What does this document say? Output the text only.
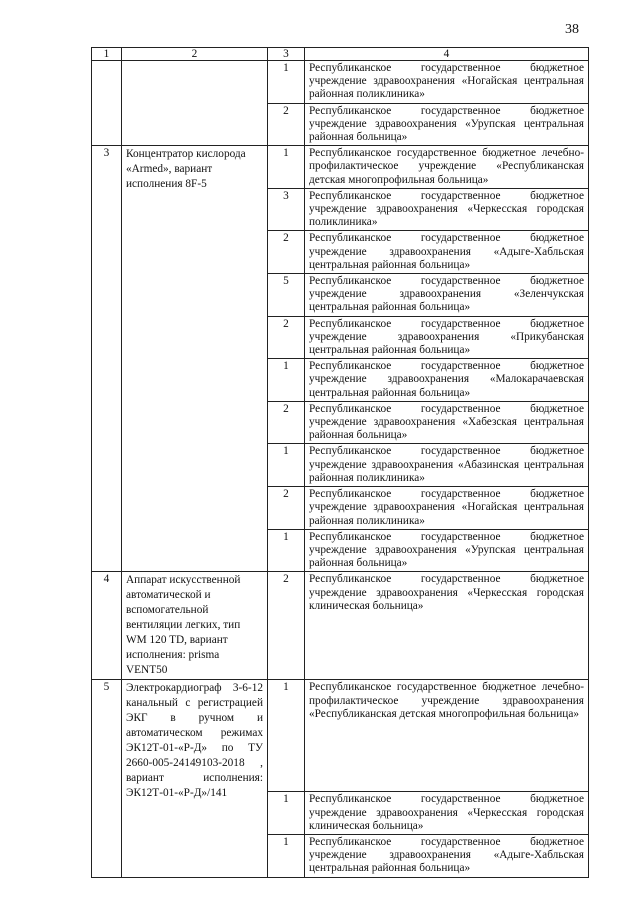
38
1	2	3	4
		1	Республиканское государственное бюджетное учреждение здравоохранения «Ногайская центральная районная поликлиника»
		2	Республиканское государственное бюджетное учреждение здравоохранения «Урупская центральная районная больница»
3	Концентратор кислорода «Armed», вариант исполнения 8F-5	1	Республиканское государственное бюджетное лечебно-профилактическое учреждение «Республиканская детская многопрофильная больница»
		3	Республиканское государственное бюджетное учреждение здравоохранения «Черкесская городская поликлиника»
		2	Республиканское государственное бюджетное учреждение здравоохранения «Адыге-Хабльская центральная районная больница»
		5	Республиканское государственное бюджетное учреждение здравоохранения «Зеленчукская центральная районная больница»
		2	Республиканское государственное бюджетное учреждение здравоохранения «Прикубанская центральная районная больница»
		1	Республиканское государственное бюджетное учреждение здравоохранения «Малокарачаевская центральная районная больница»
		2	Республиканское государственное бюджетное учреждение здравоохранения «Хабезская центральная районная больница»
		1	Республиканское государственное бюджетное учреждение здравоохранения «Абазинская центральная районная поликлиника»
		2	Республиканское государственное бюджетное учреждение здравоохранения «Ногайская центральная районная поликлиника»
		1	Республиканское государственное бюджетное учреждение здравоохранения «Урупская центральная районная больница»
4	Аппарат искусственной автоматической и вспомогательной вентиляции легких, тип WM 120 TD, вариант исполнения: prisma VENT50	2	Республиканское государственное бюджетное учреждение здравоохранения «Черкесская городская клиническая больница»
5	Электрокардиограф 3-6-12 канальный с регистрацией ЭКГ в ручном и автоматическом режимах ЭК12Т-01-«Р-Д» по ТУ 2660-005-24149103-2018 , вариант исполнения: ЭК12Т-01-«Р-Д»/141	1	Республиканское государственное бюджетное лечебно-профилактическое учреждение здравоохранения «Республиканская детская многопрофильная больница»
		1	Республиканское государственное бюджетное учреждение здравоохранения «Черкесская городская клиническая больница»
		1	Республиканское государственное бюджетное учреждение здравоохранения «Адыге-Хабльская центральная районная больница»
